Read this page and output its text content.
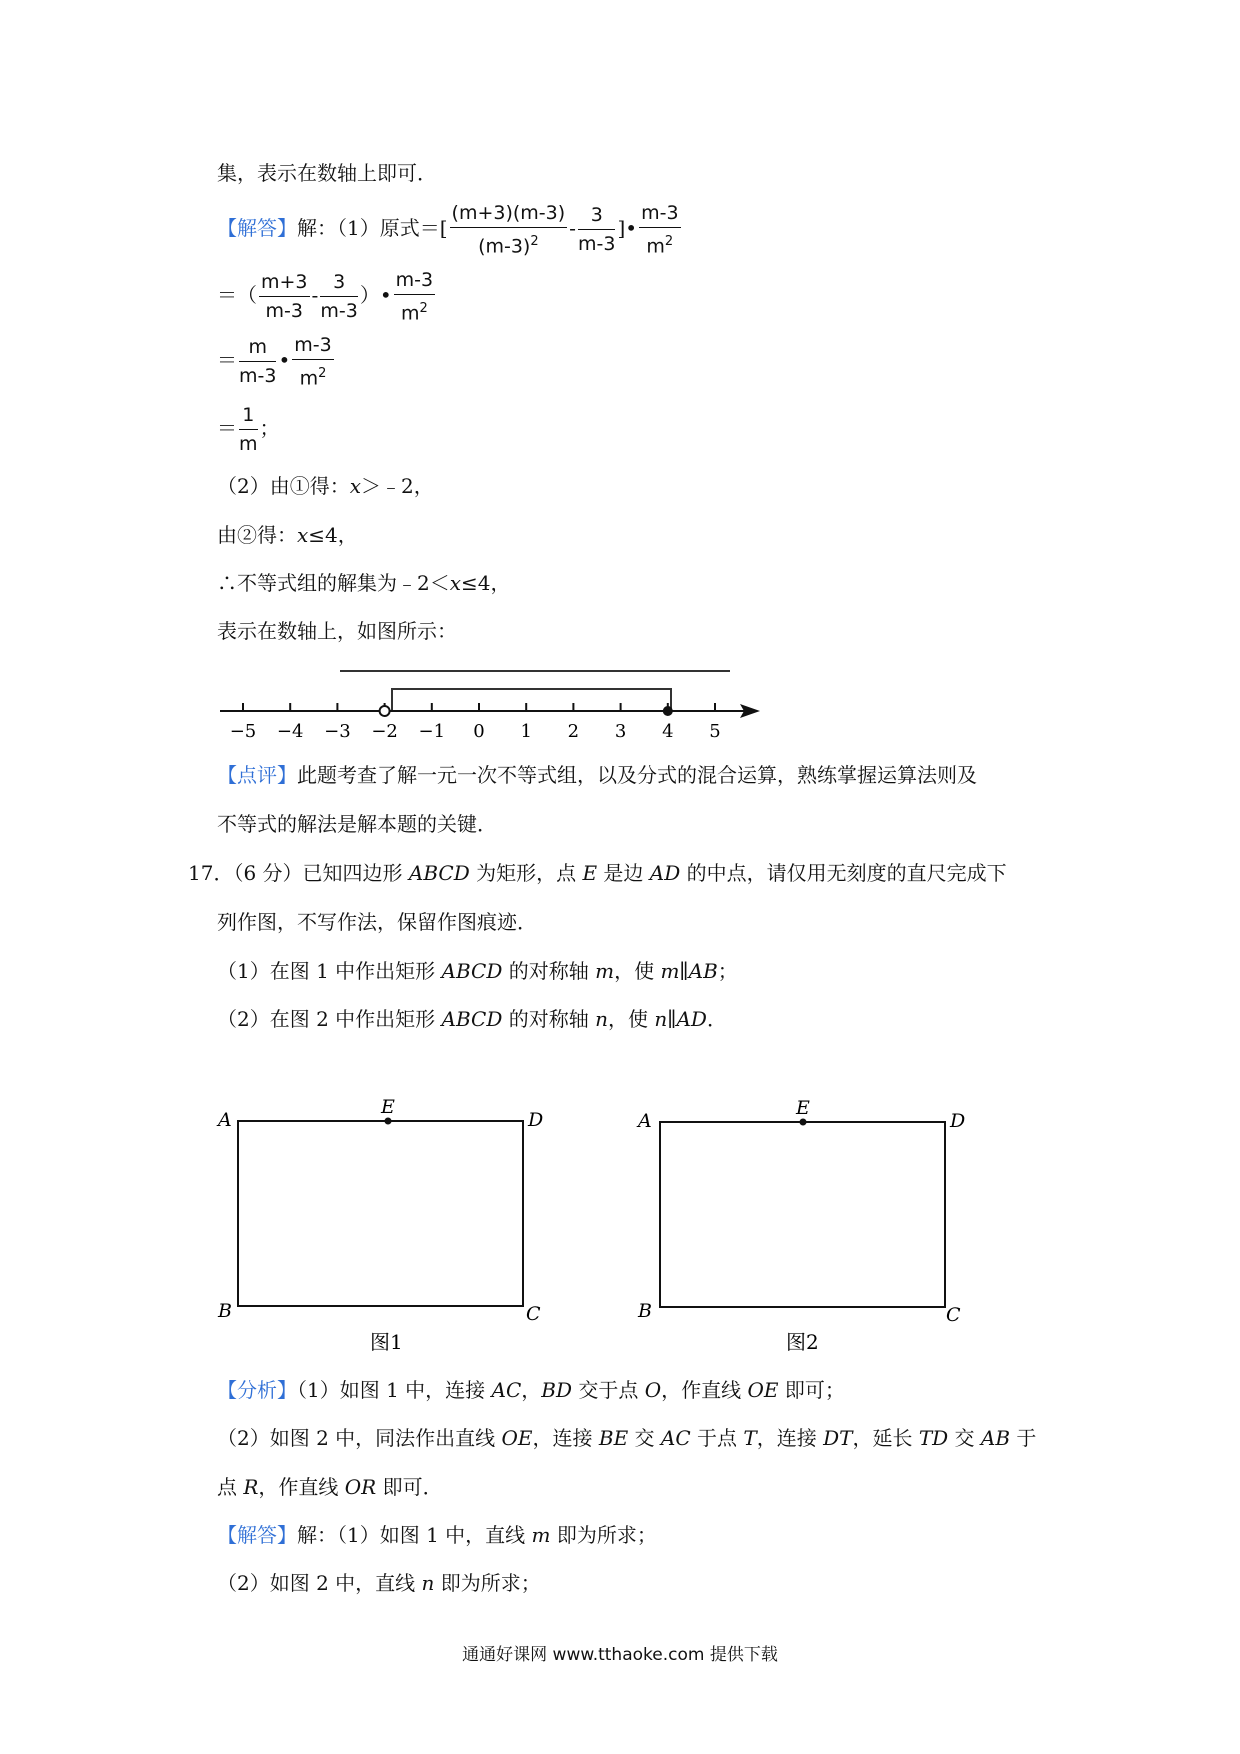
集，表示在数轴上即可．
【解答】解：（1）原式＝[ $\frac{(m+3)(m-3)}{(m-3)^2} - \frac{3}{m-3}$ ]• $\frac{m-3}{m^2}$
＝（ $\frac{m+3}{m-3} - \frac{3}{m-3}$ ）• $\frac{m-3}{m^2}$
＝ $\frac{m}{m-3}$ • $\frac{m-3}{m^2}$
＝ $\frac{1}{m}$ ；
（2）由①得：x＞﹣2，
由②得：x≤4，
∴不等式组的解集为﹣2＜x≤4，
表示在数轴上，如图所示：
−5 −4 −3 −2 −1 0 1 2 3 4 5
【点评】此题考查了解一元一次不等式组，以及分式的混合运算，熟练掌握运算法则及
不等式的解法是解本题的关键．
17．（6 分）已知四边形 ABCD 为矩形，点 E 是边 AD 的中点，请仅用无刻度的直尺完成下
列作图，不写作法，保留作图痕迹．
（1）在图 1 中作出矩形 ABCD 的对称轴 m，使 m∥AB；
（2）在图 2 中作出矩形 ABCD 的对称轴 n，使 n∥AD．
A
E
D
B	C
图1
A
E
D
B	C
图2
【分析】（1）如图 1 中，连接 AC，BD 交于点 O，作直线 OE 即可；
（2）如图 2 中，同法作出直线 OE，连接 BE 交 AC 于点 T，连接 DT，延长 TD 交 AB 于
点 R，作直线 OR 即可．
【解答】解：（1）如图 1 中，直线 m 即为所求；
（2）如图 2 中，直线 n 即为所求；
通通好课网 www.tthaoke.com 提供下载
